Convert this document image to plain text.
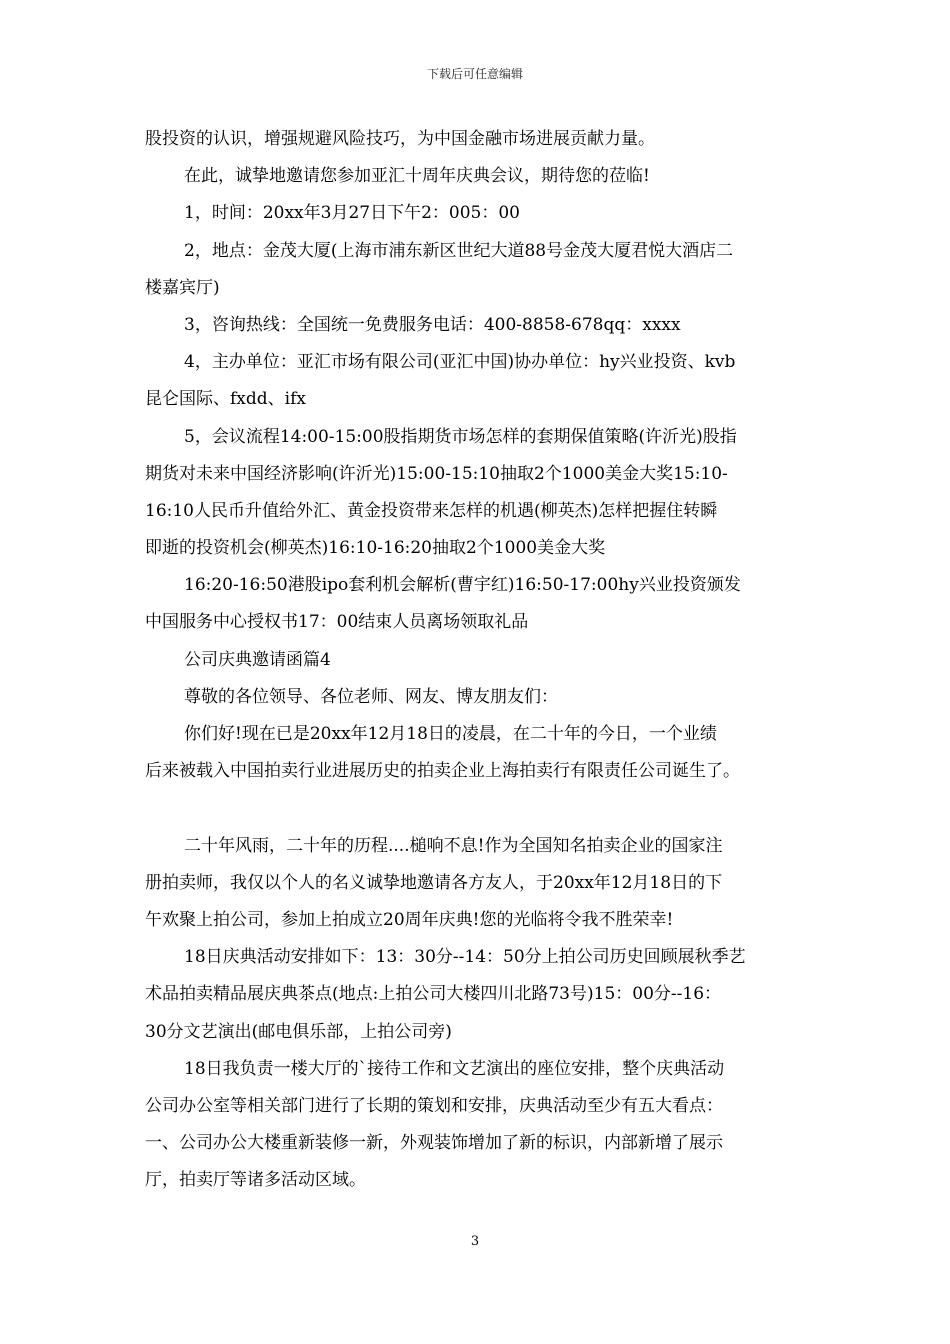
下载后可任意编辑
股投资的认识，增强规避风险技巧，为中国金融市场进展贡献力量。
在此，诚挚地邀请您参加亚汇十周年庆典会议，期待您的莅临!
1，时间：20xx年3月27日下午2：005：00
2，地点：金茂大厦(上海市浦东新区世纪大道88号金茂大厦君悦大酒店二
楼嘉宾厅)
3，咨询热线：全国统一免费服务电话：400-8858-678qq：xxxx
4，主办单位：亚汇市场有限公司(亚汇中国)协办单位：hy兴业投资、kvb
昆仑国际、fxdd、ifx
5，会议流程14:00-15:00股指期货市场怎样的套期保值策略(许沂光)股指
期货对未来中国经济影响(许沂光)15:00-15:10抽取2个1000美金大奖15:10-
16:10人民币升值给外汇、黄金投资带来怎样的机遇(柳英杰)怎样把握住转瞬
即逝的投资机会(柳英杰)16:10-16:20抽取2个1000美金大奖
16:20-16:50港股ipo套利机会解析(曹宇红)16:50-17:00hy兴业投资颁发
中国服务中心授权书17：00结束人员离场领取礼品
公司庆典邀请函篇4
尊敬的各位领导、各位老师、网友、博友朋友们：
你们好!现在已是20xx年12月18日的凌晨，在二十年的今日，一个业绩
后来被载入中国拍卖行业进展历史的拍卖企业上海拍卖行有限责任公司诞生了。
二十年风雨，二十年的历程....槌响不息!作为全国知名拍卖企业的国家注
册拍卖师，我仅以个人的名义诚挚地邀请各方友人，于20xx年12月18日的下
午欢聚上拍公司，参加上拍成立20周年庆典!您的光临将令我不胜荣幸!
18日庆典活动安排如下：13：30分--14：50分上拍公司历史回顾展秋季艺
术品拍卖精品展庆典茶点(地点:上拍公司大楼四川北路73号)15：00分--16：
30分文艺演出(邮电俱乐部，上拍公司旁)
18日我负责一楼大厅的`接待工作和文艺演出的座位安排，整个庆典活动
公司办公室等相关部门进行了长期的策划和安排，庆典活动至少有五大看点：
一、公司办公大楼重新装修一新，外观装饰增加了新的标识，内部新增了展示
厅，拍卖厅等诸多活动区域。
3
